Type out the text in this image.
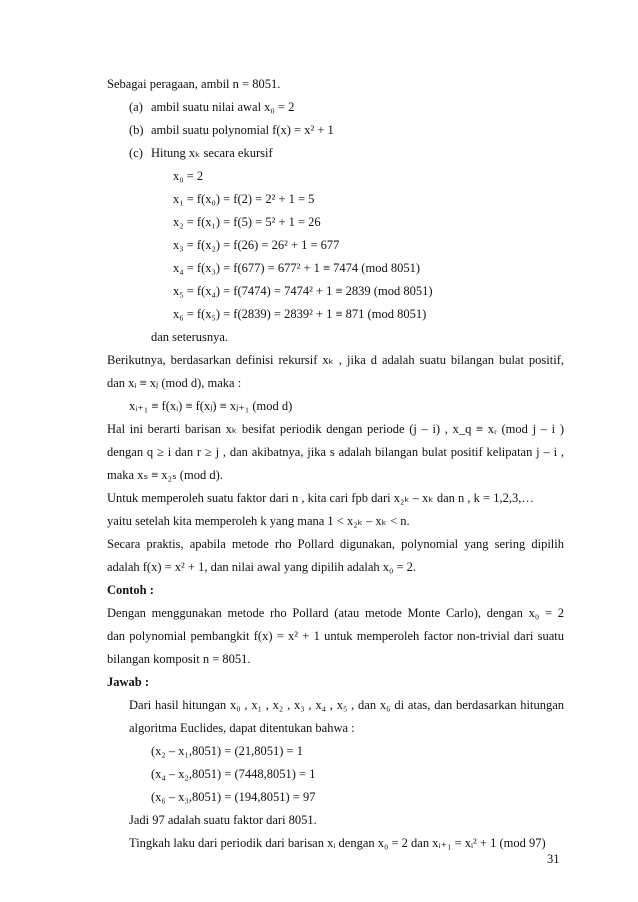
Sebagai peragaan, ambil n = 8051.
(a) ambil suatu nilai awal x₀ = 2
(b) ambil suatu polynomial f(x) = x² + 1
(c) Hitung xₖ secara ekursif
x₀ = 2
x₁ = f(x₀) = f(2) = 2² + 1 = 5
x₂ = f(x₁) = f(5) = 5² + 1 = 26
x₃ = f(x₂) = f(26) = 26² + 1 = 677
x₄ = f(x₃) = f(677) = 677² + 1 ≡ 7474 (mod 8051)
x₅ = f(x₄) = f(7474) = 7474² + 1 ≡ 2839 (mod 8051)
x₆ = f(x₅) = f(2839) = 2839² + 1 ≡ 871 (mod 8051)
dan seterusnya.
Berikutnya, berdasarkan definisi rekursif xₖ , jika d adalah suatu bilangan bulat positif,
dan xᵢ ≡ xⱼ (mod d), maka :
xᵢ₊₁ ≡ f(xᵢ) ≡ f(xⱼ) ≡ xⱼ₊₁ (mod d)
Hal ini berarti barisan xₖ besifat periodik dengan periode (j – i) , x_q ≡ xᵣ (mod j – i )
dengan q ≥ i dan r ≥ j , dan akibatnya, jika s adalah bilangan bulat positif kelipatan j – i ,
maka xₛ ≡ x₂ₛ (mod d).
Untuk memperoleh suatu faktor dari n , kita cari fpb dari x₂ₖ – xₖ dan n , k = 1,2,3,…
yaitu setelah kita memperoleh k yang mana 1 < x₂ₖ – xₖ < n.
Secara praktis, apabila metode rho Pollard digunakan, polynomial yang sering dipilih
adalah f(x) = x² + 1, dan nilai awal yang dipilih adalah x₀ = 2.
Contoh :
Dengan menggunakan metode rho Pollard (atau metode Monte Carlo), dengan x₀ = 2
dan polynomial pembangkit f(x) = x² + 1 untuk memperoleh factor non-trivial dari suatu
bilangan komposit n = 8051.
Jawab :
Dari hasil hitungan x₀ , x₁ , x₂ , x₃ , x₄ , x₅ , dan x₆ di atas, dan berdasarkan hitungan
algoritma Euclides, dapat ditentukan bahwa :
(x₂ – x₁,8051) = (21,8051) = 1
(x₄ – x₂,8051) = (7448,8051) = 1
(x₆ – x₃,8051) = (194,8051) = 97
Jadi 97 adalah suatu faktor dari 8051.
Tingkah laku dari periodik dari barisan xᵢ dengan x₀ = 2 dan xᵢ₊₁ = xᵢ² + 1 (mod 97)
31
